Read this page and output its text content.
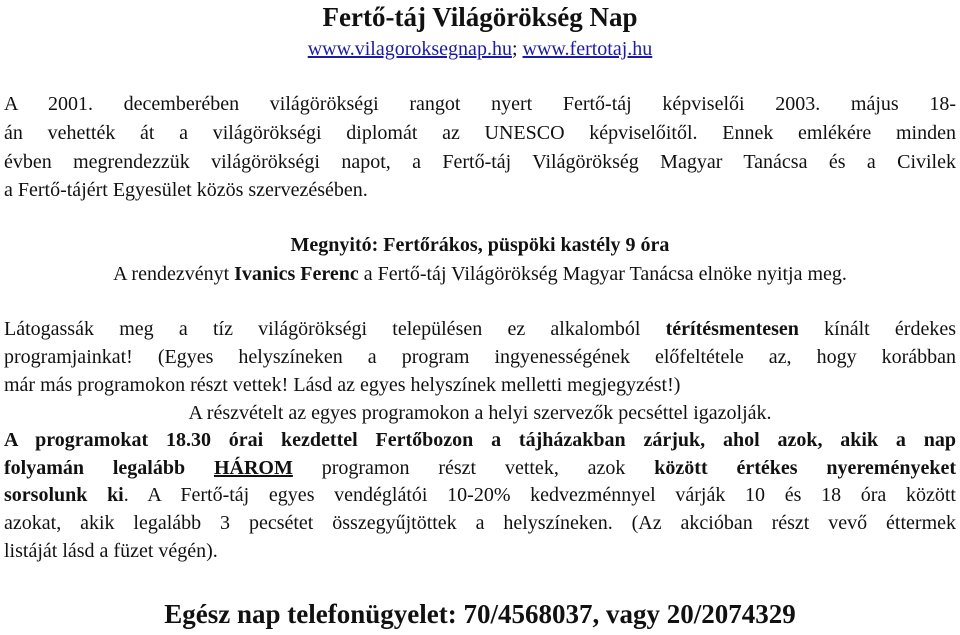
Fertő-táj Világörökség Nap
www.vilagoroksegnap.hu; www.fertotaj.hu
A 2001. decemberében világörökségi rangot nyert Fertő-táj képviselői 2003. május 18-
án vehették át a világörökségi diplomát az UNESCO képviselőitől. Ennek emlékére minden
évben megrendezzük világörökségi napot, a Fertő-táj Világörökség Magyar Tanácsa és a Civilek
a Fertő-tájért Egyesület közös szervezésében.
Megnyitó: Fertőrákos, püspöki kastély 9 óra
A rendezvényt Ivanics Ferenc a Fertő-táj Világörökség Magyar Tanácsa elnöke nyitja meg.
Látogassák meg a tíz világörökségi településen ez alkalomból térítésmentesen kínált érdekes
programjainkat! (Egyes helyszíneken a program ingyenességének előfeltétele az, hogy korábban
már más programokon részt vettek! Lásd az egyes helyszínek melletti megjegyzést!)
A részvételt az egyes programokon a helyi szervezők pecséttel igazolják.
A programokat 18.30 órai kezdettel Fertőbozon a tájházakban zárjuk, ahol azok, akik a nap
folyamán legalább HÁROM programon részt vettek, azok között értékes nyereményeket
sorsolunk ki. A Fertő-táj egyes vendéglátói 10-20% kedvezménnyel várják 10 és 18 óra között
azokat, akik legalább 3 pecsétet összegyűjtöttek a helyszíneken. (Az akcióban részt vevő éttermek
listáját lásd a füzet végén).
Egész nap telefonügyelet: 70/4568037, vagy 20/2074329
